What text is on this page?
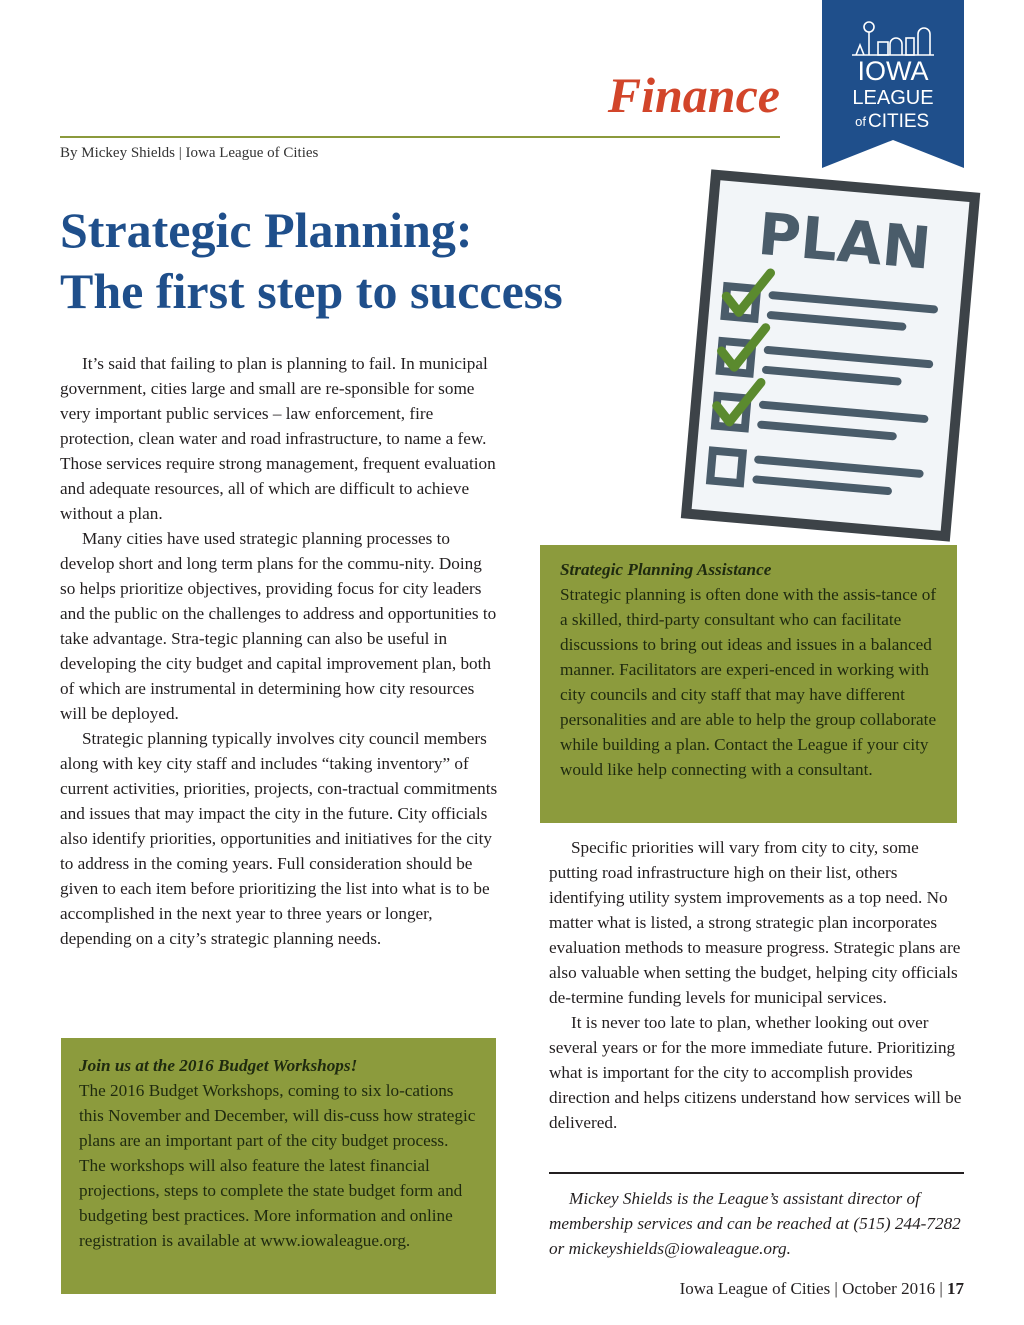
Finance
By Mickey Shields | Iowa League of Cities
IOWA
LEAGUE
of CITIES
Strategic Planning:
The first step to success
PLAN

It’s said that failing to plan is planning to fail. In municipal government, cities large and small are re-sponsible for some very important public services – law enforcement, fire protection, clean water and road infrastructure, to name a few. Those services require strong management, frequent evaluation and adequate resources, all of which are difficult to achieve without a plan.

Many cities have used strategic planning processes to develop short and long term plans for the commu-nity. Doing so helps prioritize objectives, providing focus for city leaders and the public on the challenges to address and opportunities to take advantage. Stra-tegic planning can also be useful in developing the city budget and capital improvement plan, both of which are instrumental in determining how city resources will be deployed.

Strategic planning typically involves city council members along with key city staff and includes “taking inventory” of current activities, priorities, projects, con-tractual commitments and issues that may impact the city in the future. City officials also identify priorities, opportunities and initiatives for the city to address in the coming years. Full consideration should be given to each item before prioritizing the list into what is to be accomplished in the next year to three years or longer, depending on a city’s strategic planning needs.

Strategic Planning Assistance
Strategic planning is often done with the assis-tance of a skilled, third-party consultant who can facilitate discussions to bring out ideas and issues in a balanced manner. Facilitators are experi-enced in working with city councils and city staff that may have different personalities and are able to help the group collaborate while building a plan. Contact the League if your city would like help connecting with a consultant.

Specific priorities will vary from city to city, some putting road infrastructure high on their list, others identifying utility system improvements as a top need. No matter what is listed, a strong strategic plan incorporates evaluation methods to measure progress. Strategic plans are also valuable when setting the budget, helping city officials de-termine funding levels for municipal services.

It is never too late to plan, whether looking out over several years or for the more immediate future. Prioritizing what is important for the city to accomplish provides direction and helps citizens understand how services will be delivered.

Join us at the 2016 Budget Workshops!
The 2016 Budget Workshops, coming to six lo-cations this November and December, will dis-cuss how strategic plans are an important part of the city budget process. The workshops will also feature the latest financial projections, steps to complete the state budget form and budgeting best practices. More information and online registration is available at www.iowaleague.org.

Mickey Shields is the League’s assistant director of membership services and can be reached at (515) 244-7282 or mickeyshields@iowaleague.org.

Iowa League of Cities | October 2016 | 17
